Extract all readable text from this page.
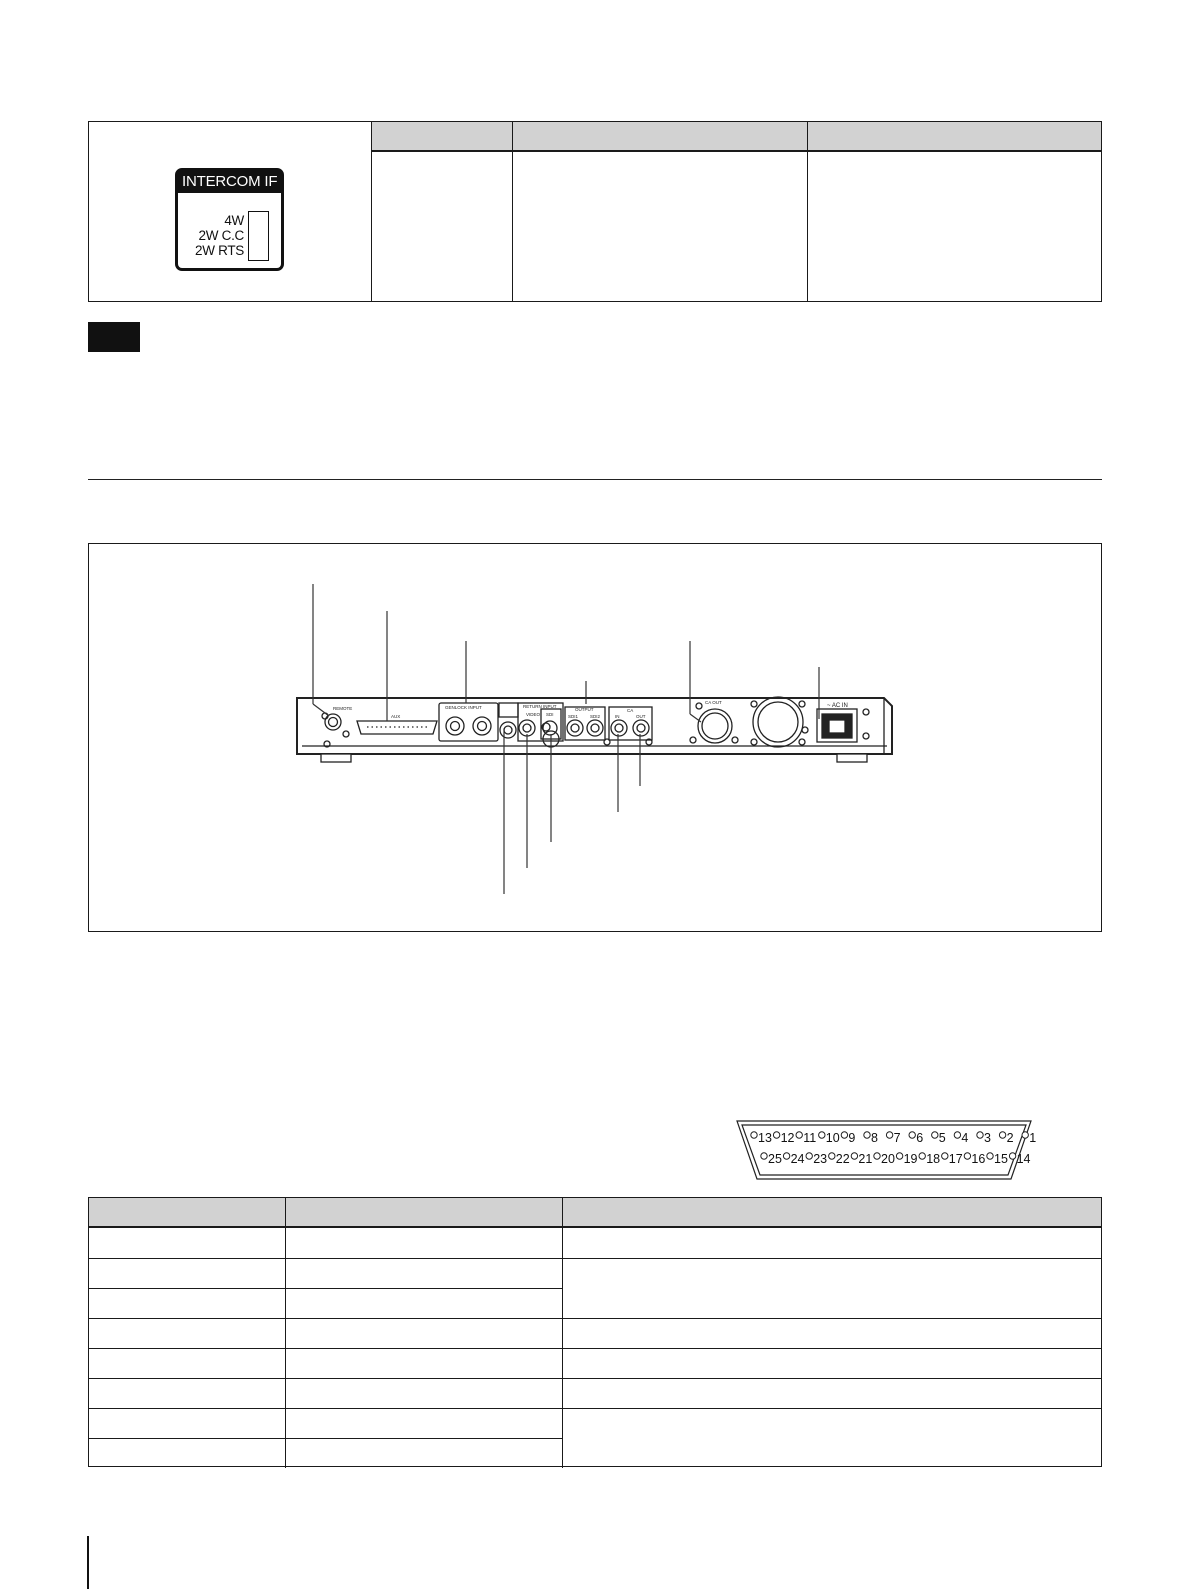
INTERCOM IF
4W
2W C.C
2W RTS
REMOTE
AUX
GENLOCK INPUT	RETURN INPUT
VIDEO SDI
OUTPUT
SDI1	SDI2
CA
IN	OUT
CA OUT
~ AC IN
13 12 11 10 9 8 7 6 5 4 3 2 1
25 24 23 22 21 20 19 18 17 16 15 14
